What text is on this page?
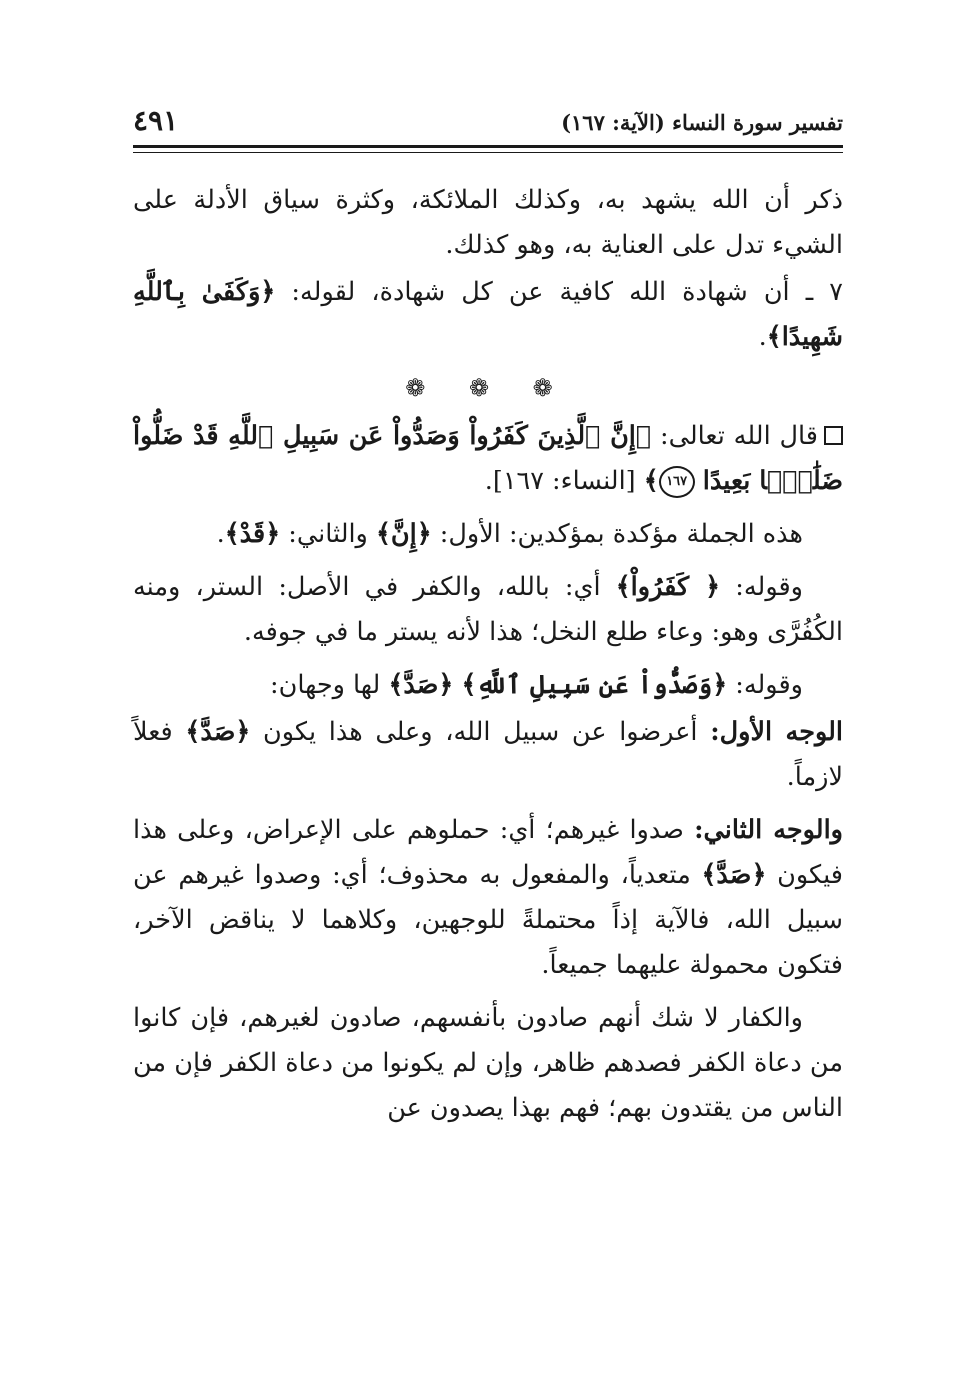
تفسير سورة النساء (الآية: ١٦٧)
٤٩١

ذكر أن الله يشهد به، وكذلك الملائكة، وكثرة سياق الأدلة على الشيء تدل على العناية به، وهو كذلك.

٧ ـ أن شهادة الله كافية عن كل شهادة، لقوله: ﴿وَكَفَىٰ بِٱللَّهِ شَهِيدًا﴾.

❁ ❁ ❁

قال الله تعالى: ﴿إِنَّ ٱلَّذِينَ كَفَرُواْ وَصَدُّواْ عَن سَبِيلِ ٱللَّهِ قَدْ ضَلُّواْ ضَلَٰلَۢا بَعِيدًا ١٦٧﴾ [النساء: ١٦٧].

هذه الجملة مؤكدة بمؤكدين: الأول: ﴿إِنَّ﴾ والثاني: ﴿قَدْ﴾.

وقوله: ﴿ كَفَرُواْ﴾ أي: بالله، والكفر في الأصل: الستر، ومنه الكُفُرَّى وهو: وعاء طلع النخل؛ هذا لأنه يستر ما في جوفه.

وقوله: ﴿وَصَدُّواْ عَن سَبِيلِ ٱللَّهِ﴾ ﴿صَدَّ﴾ لها وجهان:

الوجه الأول: أعرضوا عن سبيل الله، وعلى هذا يكون ﴿صَدَّ﴾ فعلاً لازماً.

والوجه الثاني: صدوا غيرهم؛ أي: حملوهم على الإعراض، وعلى هذا فيكون ﴿صَدَّ﴾ متعدياً، والمفعول به محذوف؛ أي: وصدوا غيرهم عن سبيل الله، فالآية إذاً محتملةً للوجهين، وكلاهما لا يناقض الآخر، فتكون محمولة عليهما جميعاً.

والكفار لا شك أنهم صادون بأنفسهم، صادون لغيرهم، فإن كانوا من دعاة الكفر فصدهم ظاهر، وإن لم يكونوا من دعاة الكفر فإن من الناس من يقتدون بهم؛ فهم بهذا يصدون عن
